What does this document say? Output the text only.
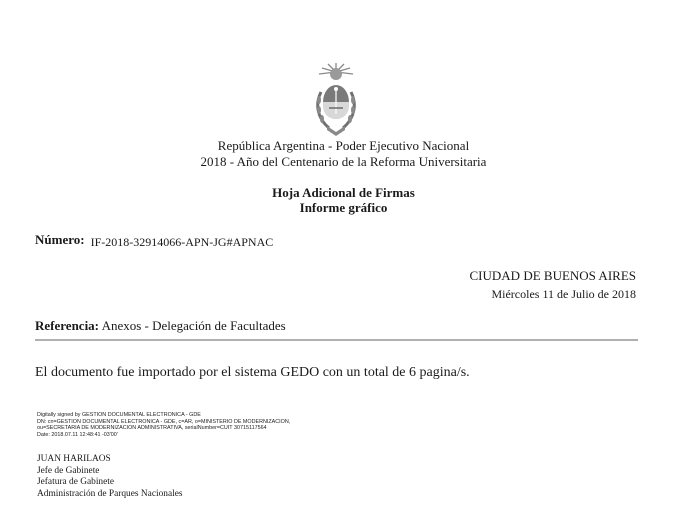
República Argentina - Poder Ejecutivo Nacional
2018 - Año del Centenario de la Reforma Universitaria
Hoja Adicional de Firmas
Informe gráfico
Número: IF-2018-32914066-APN-JG#APNAC
CIUDAD DE BUENOS AIRES
Miércoles 11 de Julio de 2018
Referencia: Anexos - Delegación de Facultades
El documento fue importado por el sistema GEDO con un total de 6 pagina/s.
Digitally signed by GESTION DOCUMENTAL ELECTRONICA - GDE
DN: cn=GESTION DOCUMENTAL ELECTRONICA - GDE, c=AR, o=MINISTERIO DE MODERNIZACION,
ou=SECRETARIA DE MODERNIZACION ADMINISTRATIVA, serialNumber=CUIT 30715117564
Date: 2018.07.11 12:48:41 -03'00'
JUAN HARILAOS
Jefe de Gabinete
Jefatura de Gabinete
Administración de Parques Nacionales
